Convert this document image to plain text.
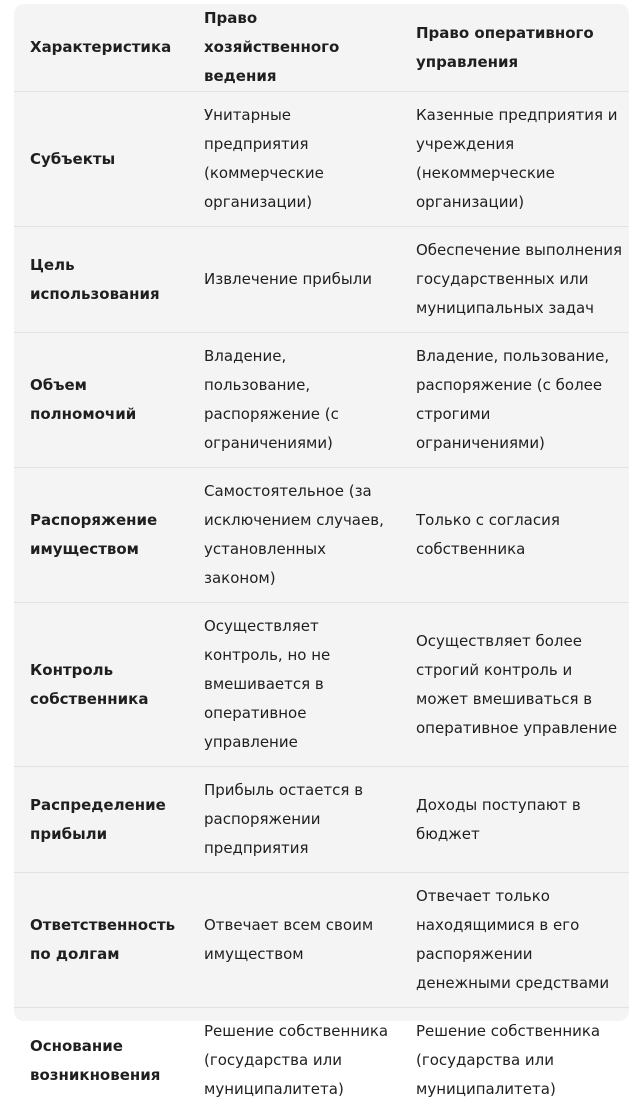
Характеристика	Право хозяйственного ведения	Право оперативного управления

Субъекты	Унитарные предприятия (коммерческие организации)	Казенные предприятия и учреждения (некоммерческие организации)
Цель использования	Извлечение прибыли	Обеспечение выполнения государственных или муниципальных задач
Объем полномочий	Владение, пользование, распоряжение (с ограничениями)	Владение, пользование, распоряжение (с более строгими ограничениями)
Распоряжение имуществом	Самостоятельное (за исключением случаев, установленных законом)	Только с согласия собственника
Контроль собственника	Осуществляет контроль, но не вмешивается в оперативное управление	Осуществляет более строгий контроль и может вмешиваться в оперативное управление
Распределение прибыли	Прибыль остается в распоряжении предприятия	Доходы поступают в бюджет
Ответственность по долгам	Отвечает всем своим имуществом	Отвечает только находящимися в его распоряжении денежными средствами
Основание возникновения	Решение собственника (государства или муниципалитета)	Решение собственника (государства или муниципалитета)
